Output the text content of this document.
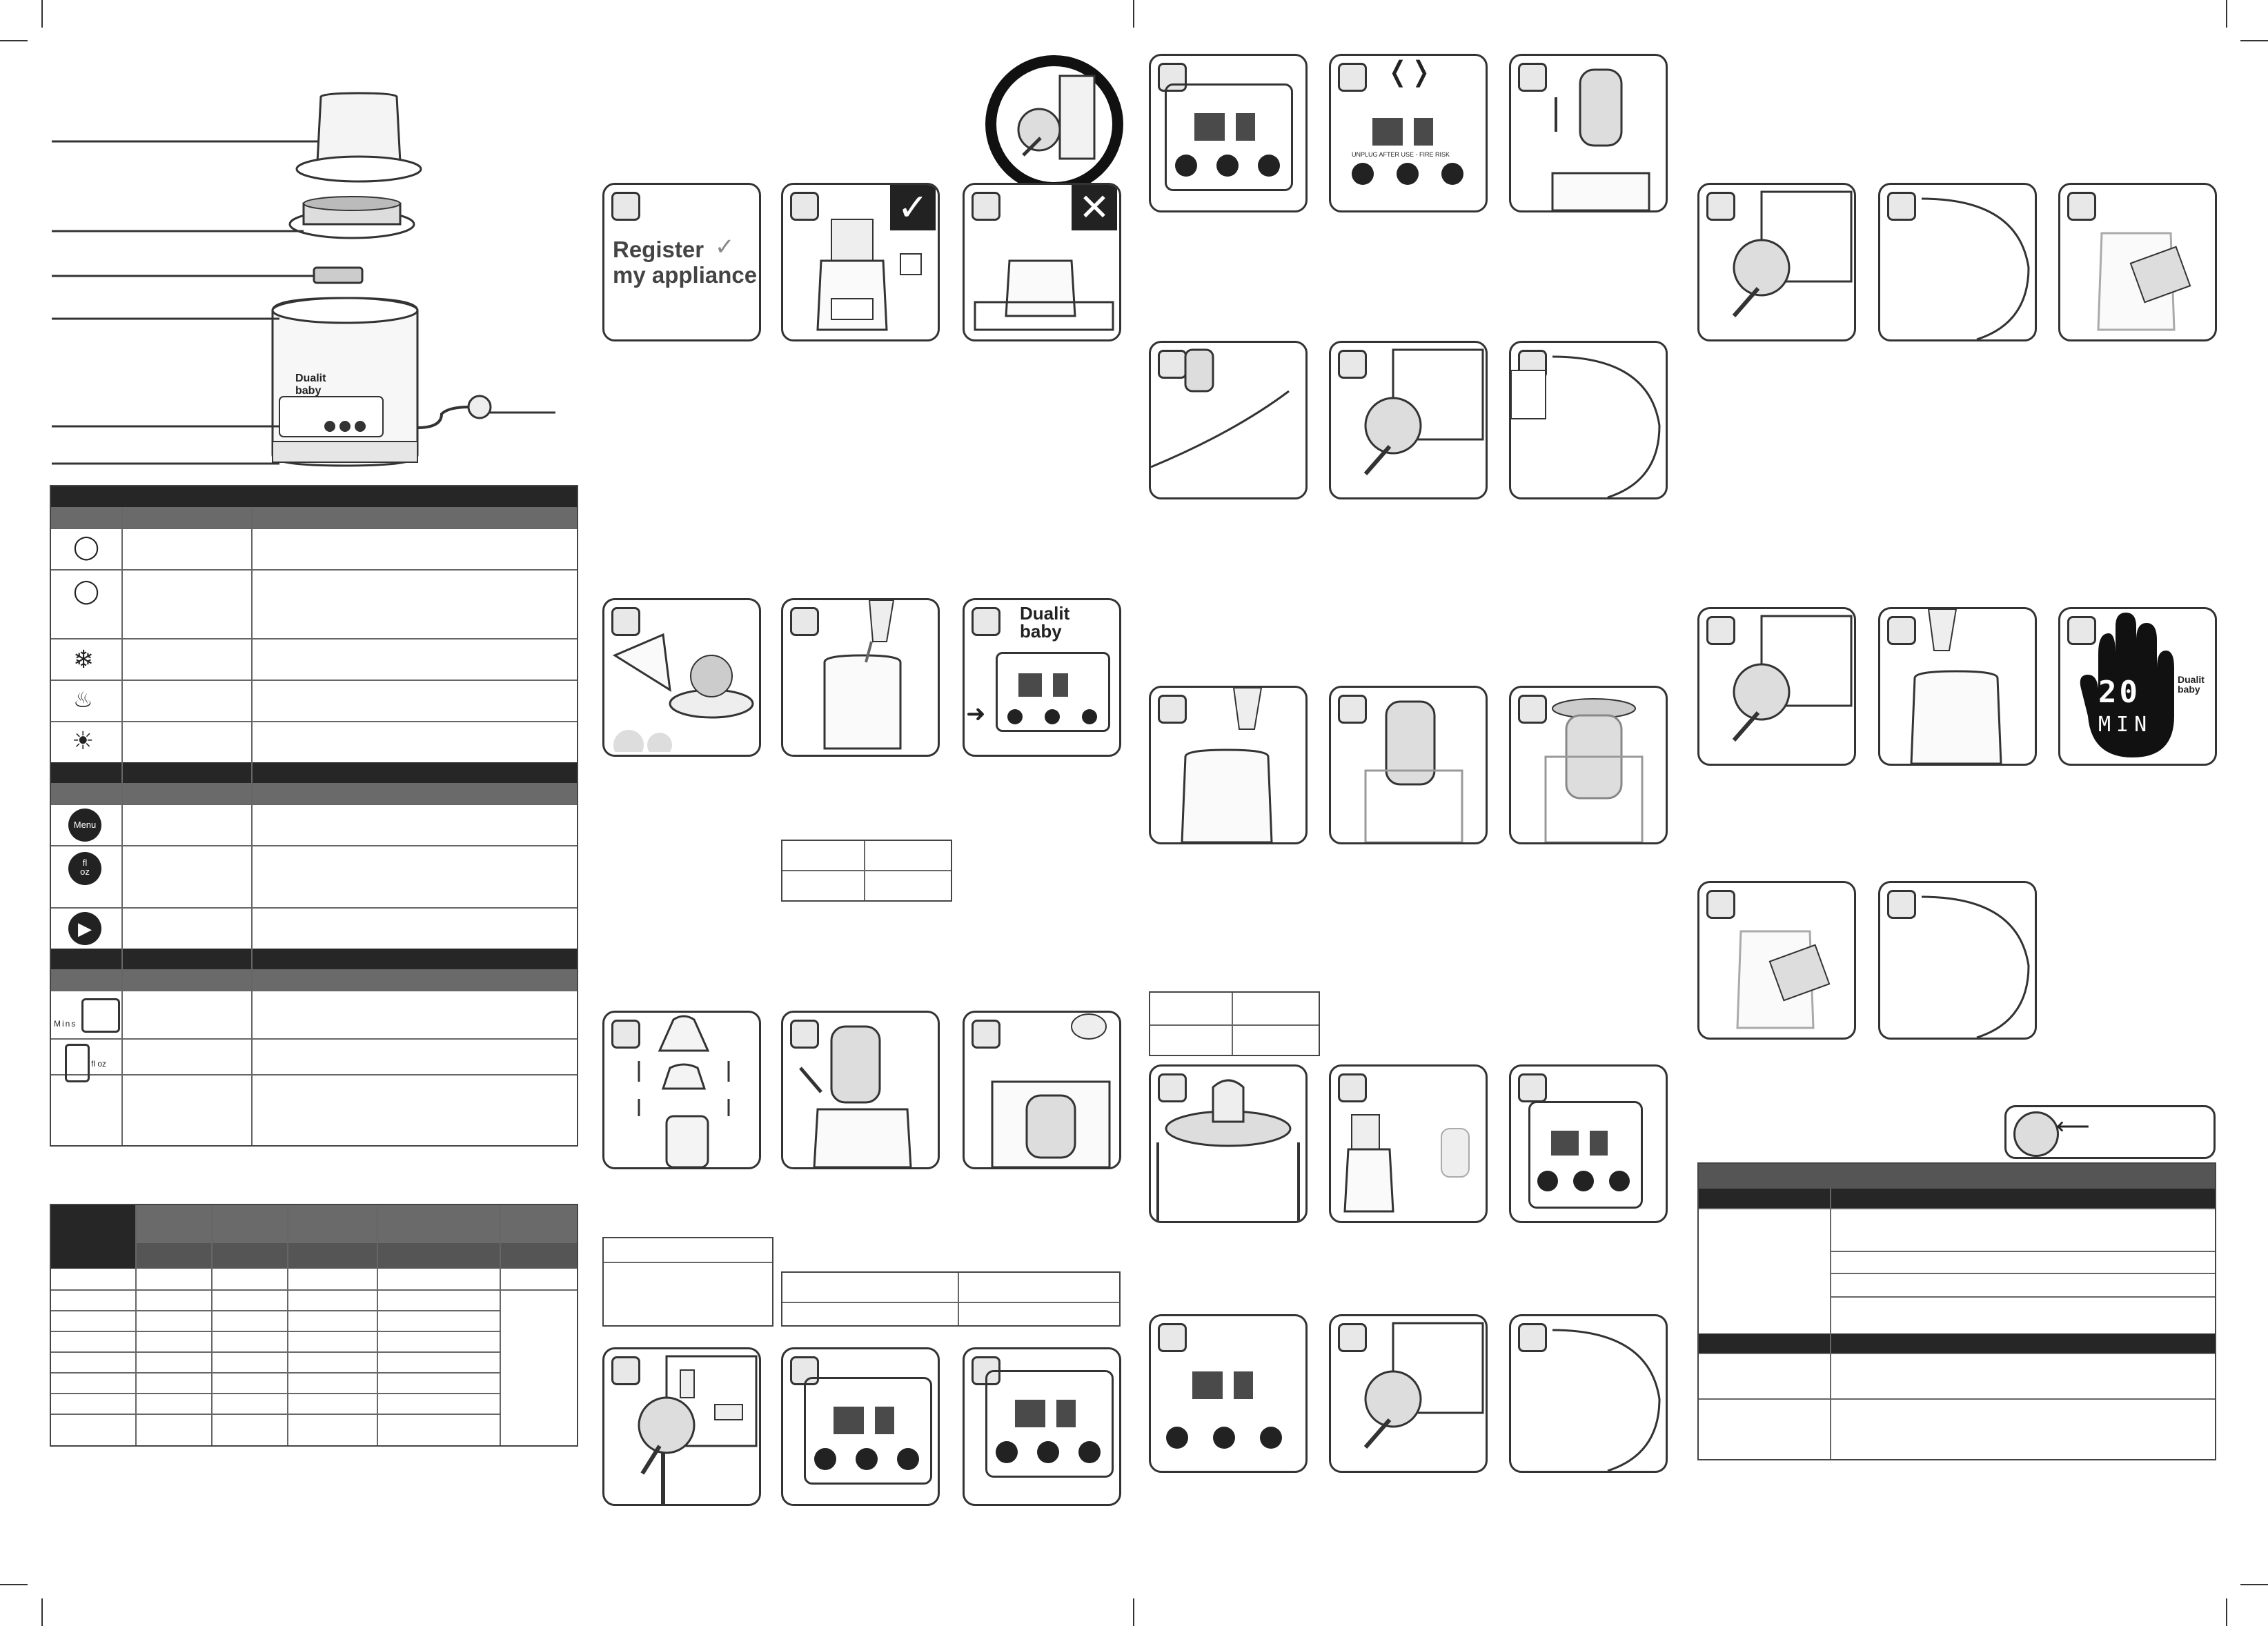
Dualit
baby
◯
◯
❄
♨
☀
Menu
fl
oz
▶
Mins
fl oz
Register
my appliance
✓
✓	✕
Dualit
baby
➜
❬❭
UNPLUG AFTER USE - FIRE RISK
20
MIN
Dualit
baby
⟵
